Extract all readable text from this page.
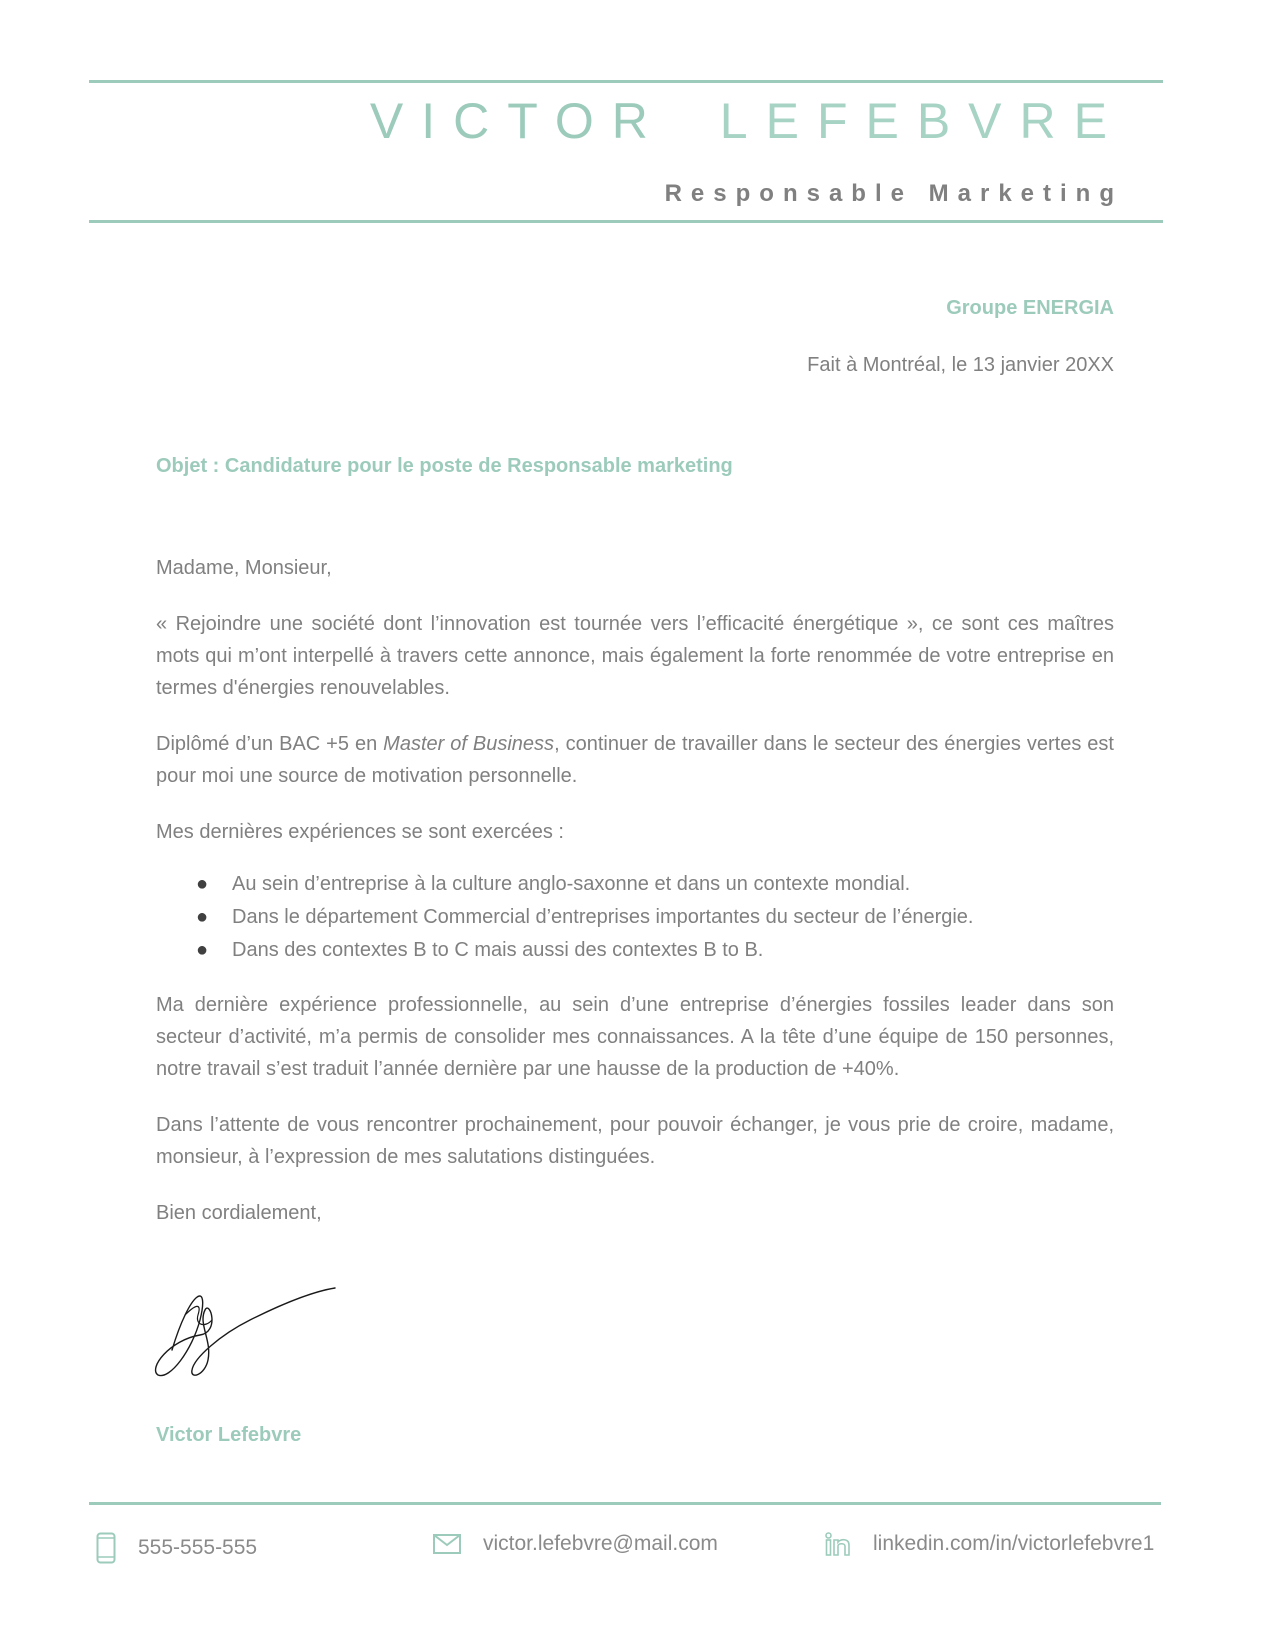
VICTOR LEFEBVRE
Responsable Marketing
Groupe ENERGIA
Fait à Montréal, le 13 janvier 20XX
Objet : Candidature pour le poste de Responsable marketing

Madame, Monsieur,

« Rejoindre une société dont l’innovation est tournée vers l’efficacité énergétique », ce sont ces maîtres mots qui m’ont interpellé à travers cette annonce, mais également la forte renommée de votre entreprise en termes d'énergies renouvelables.

Diplômé d’un BAC +5 en Master of Business, continuer de travailler dans le secteur des énergies vertes est pour moi une source de motivation personnelle.

Mes dernières expériences se sont exercées :

● Au sein d’entreprise à la culture anglo-saxonne et dans un contexte mondial.
● Dans le département Commercial d’entreprises importantes du secteur de l’énergie.
● Dans des contextes B to C mais aussi des contextes B to B.

Ma dernière expérience professionnelle, au sein d’une entreprise d’énergies fossiles leader dans son secteur d’activité, m’a permis de consolider mes connaissances. A la tête d’une équipe de 150 personnes, notre travail s’est traduit l’année dernière par une hausse de la production de +40%.

Dans l’attente de vous rencontrer prochainement, pour pouvoir échanger, je vous prie de croire, madame, monsieur, à l’expression de mes salutations distinguées.

Bien cordialement,

Victor Lefebvre
555-555-555	victor.lefebvre@mail.com	linkedin.com/in/victorlefebvre1
